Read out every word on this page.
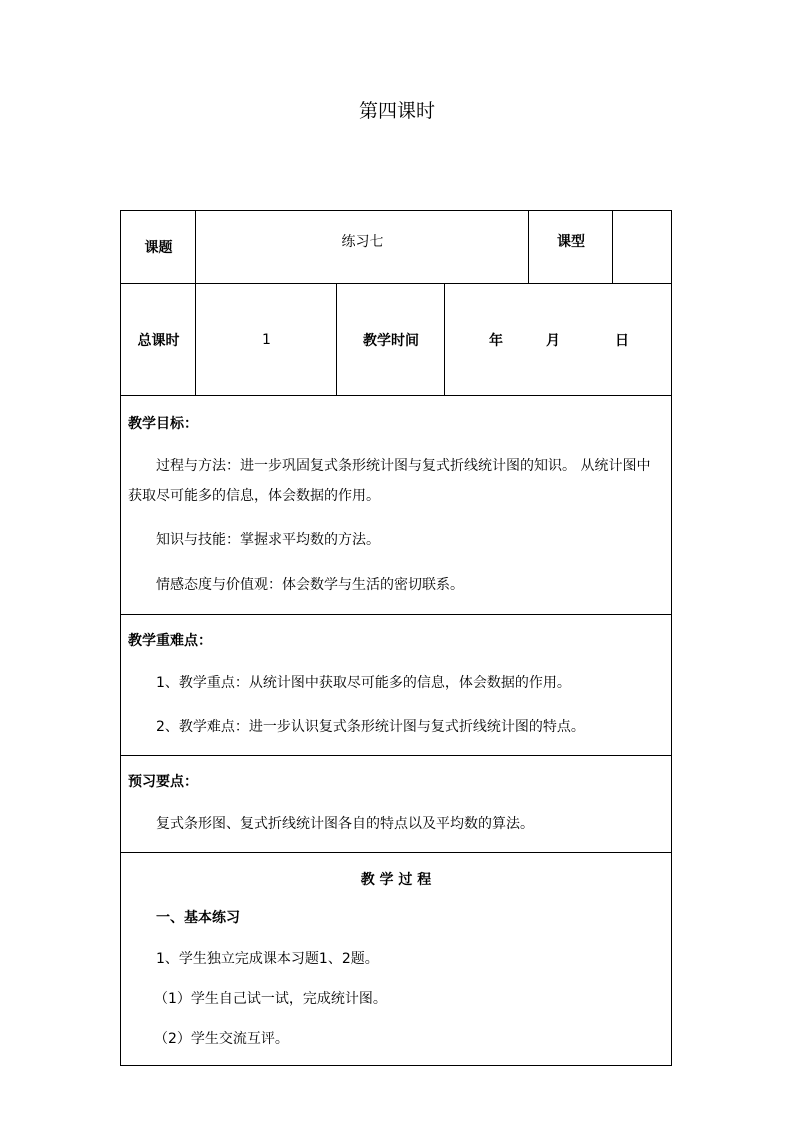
第四课时
课题	练习七	课型
总课时	1	教学时间	年	月	日
教学目标：
过程与方法：进一步巩固复式条形统计图与复式折线统计图的知识。 从统计图中
获取尽可能多的信息，体会数据的作用。
知识与技能：掌握求平均数的方法。
情感态度与价值观：体会数学与生活的密切联系。
教学重难点：
1、教学重点：从统计图中获取尽可能多的信息，体会数据的作用。
2、教学难点：进一步认识复式条形统计图与复式折线统计图的特点。
预习要点：
复式条形图、复式折线统计图各自的特点以及平均数的算法。
教 学 过 程
一、基本练习
1、学生独立完成课本习题1、2题。
（1）学生自己试一试，完成统计图。
（2）学生交流互评。
